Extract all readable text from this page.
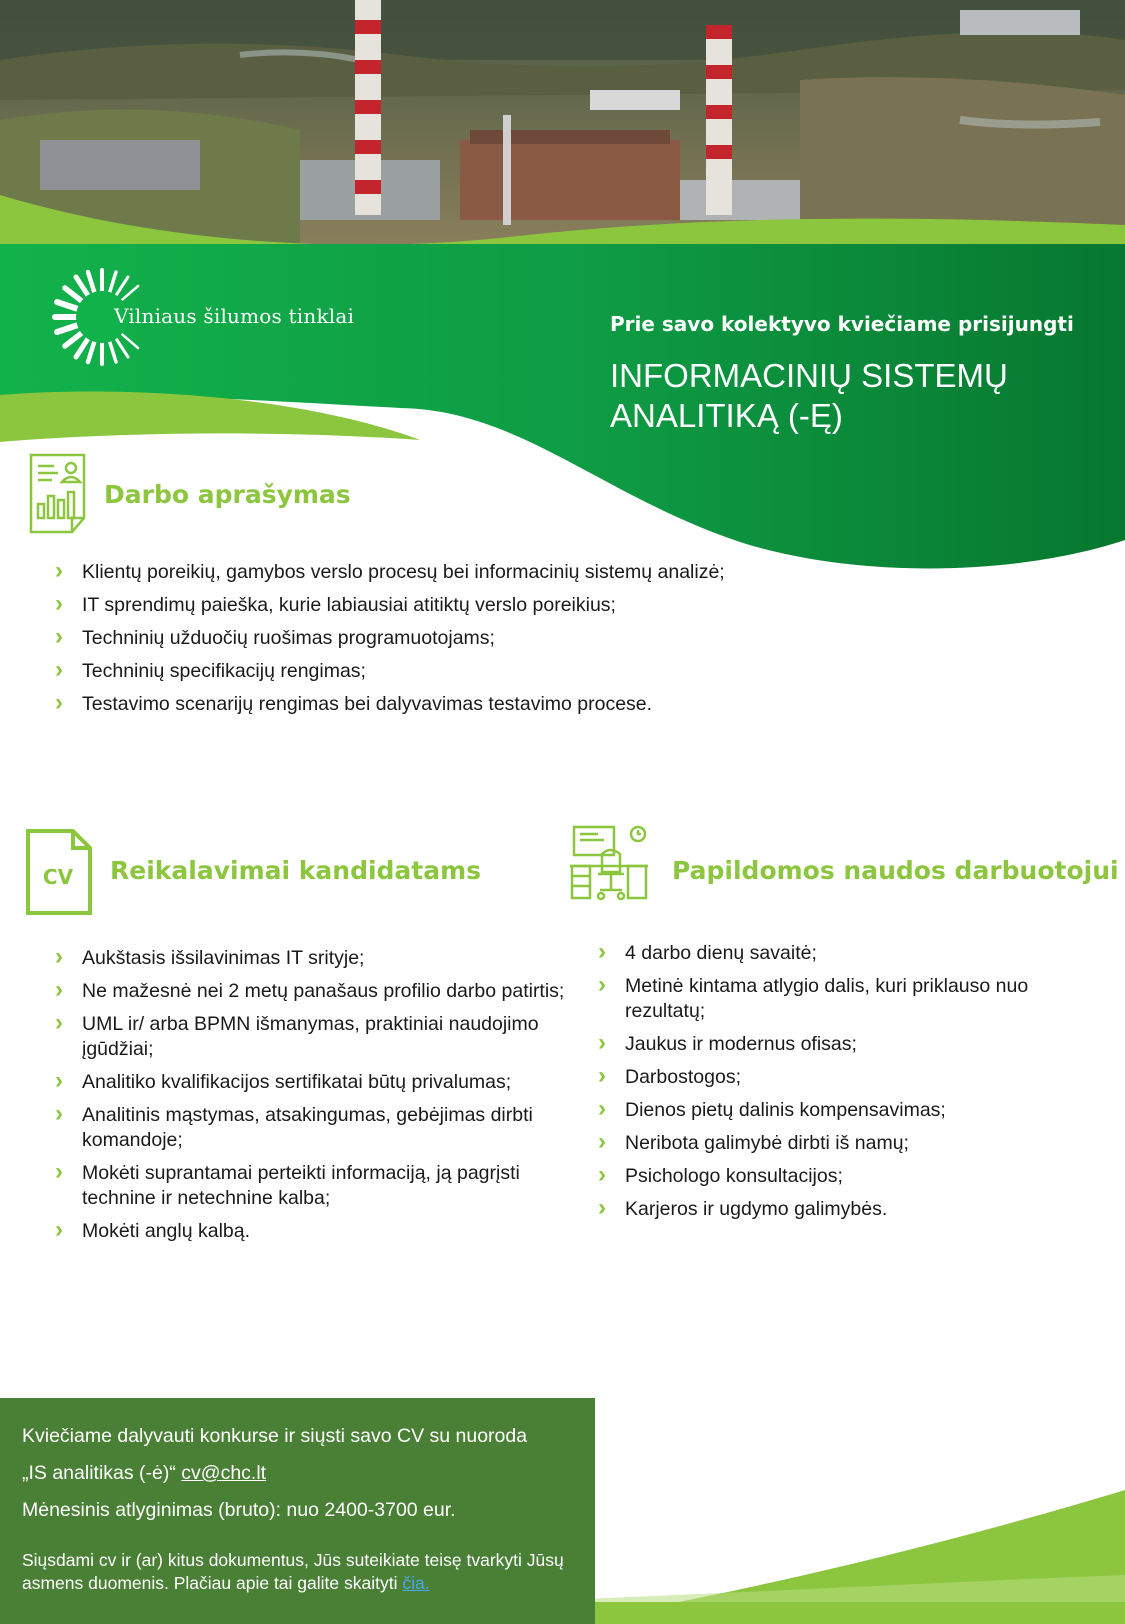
Vilniaus šilumos tinklai	Prie savo kolektyvo kviečiame prisijungti
INFORMACINIŲ SISTEMŲ
ANALITIKĄ (-Ę)
Darbo aprašymas
› Klientų poreikių, gamybos verslo procesų bei informacinių sistemų analizė;
› IT sprendimų paieška, kurie labiausiai atitiktų verslo poreikius;
› Techninių užduočių ruošimas programuotojams;
› Techninių specifikacijų rengimas;
› Testavimo scenarijų rengimas bei dalyvavimas testavimo procese.
CV Reikalavimai kandidatams
› Aukštasis išsilavinimas IT srityje;
› Ne mažesnė nei 2 metų panašaus profilio darbo patirtis;
› UML ir/ arba BPMN išmanymas, praktiniai naudojimo įgūdžiai;
› Analitiko kvalifikacijos sertifikatai būtų privalumas;
› Analitinis mąstymas, atsakingumas, gebėjimas dirbti komandoje;
› Mokėti suprantamai perteikti informaciją, ją pagrįsti technine ir netechnine kalba;
› Mokėti anglų kalbą.
Papildomos naudos darbuotojui
› 4 darbo dienų savaitė;
› Metinė kintama atlygio dalis, kuri priklauso nuo rezultatų;
› Jaukus ir modernus ofisas;
› Darbostogos;
› Dienos pietų dalinis kompensavimas;
› Neribota galimybė dirbti iš namų;
› Psichologo konsultacijos;
› Karjeros ir ugdymo galimybės.

Kviečiame dalyvauti konkurse ir siųsti savo CV su nuoroda

„IS analitikas (-ė)“ cv@chc.lt

Mėnesinis atlyginimas (bruto): nuo 2400-3700 eur.

Siųsdami cv ir (ar) kitus dokumentus, Jūs suteikiate teisę tvarkyti Jūsų asmens duomenis. Plačiau apie tai galite skaityti čia.
